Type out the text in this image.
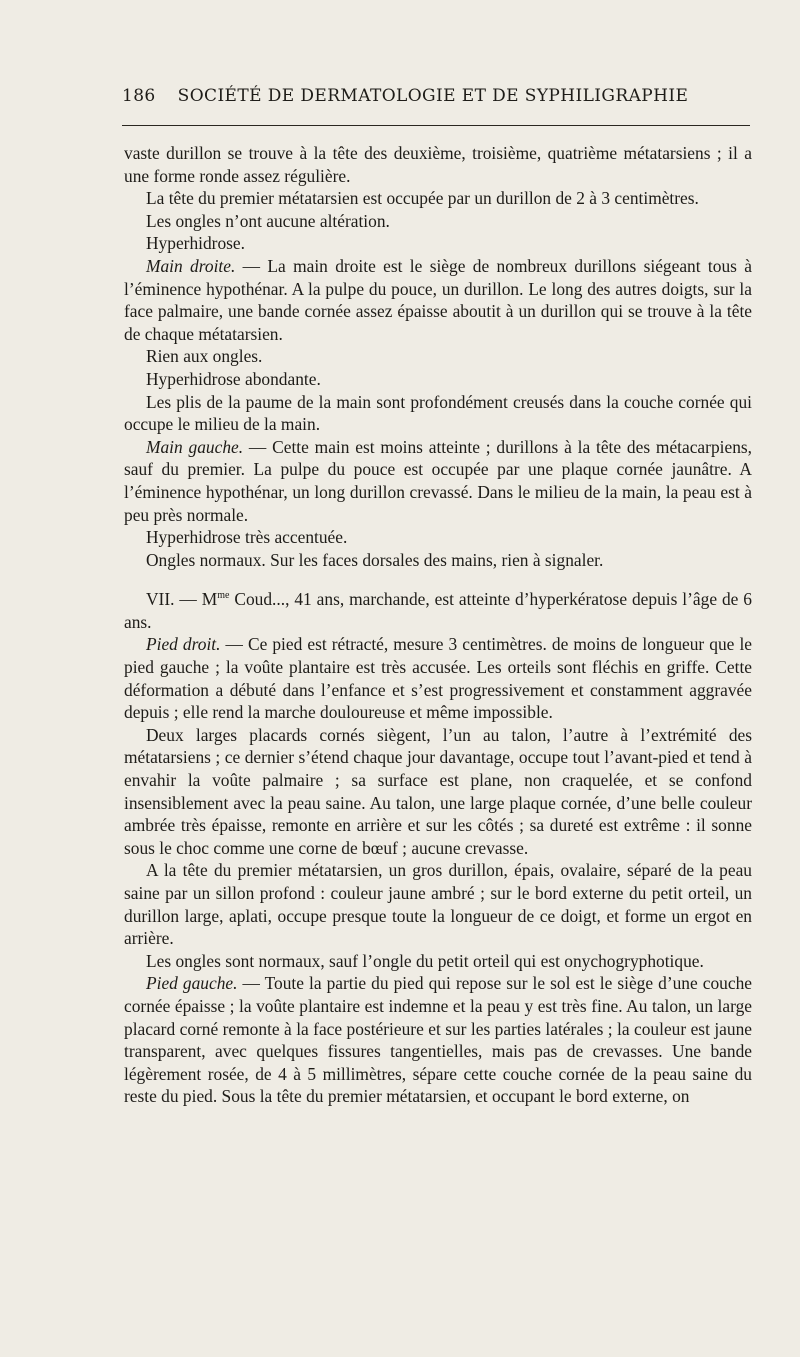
186 SOCIÉTÉ DE DERMATOLOGIE ET DE SYPHILIGRAPHIE

vaste durillon se trouve à la tête des deuxième, troisième, quatrième métatarsiens ; il a une forme ronde assez régulière.

La tête du premier métatarsien est occupée par un durillon de 2 à 3 centimètres.

Les ongles n’ont aucune altération.

Hyperhidrose.

Main droite. — La main droite est le siège de nombreux durillons siégeant tous à l’éminence hypothénar. A la pulpe du pouce, un durillon. Le long des autres doigts, sur la face palmaire, une bande cornée assez épaisse aboutit à un durillon qui se trouve à la tête de chaque métatarsien.

Rien aux ongles.

Hyperhidrose abondante.

Les plis de la paume de la main sont profondément creusés dans la couche cornée qui occupe le milieu de la main.

Main gauche. — Cette main est moins atteinte ; durillons à la tête des métacarpiens, sauf du premier. La pulpe du pouce est occupée par une plaque cornée jaunâtre. A l’éminence hypothénar, un long durillon crevassé. Dans le milieu de la main, la peau est à peu près normale.

Hyperhidrose très accentuée.

Ongles normaux. Sur les faces dorsales des mains, rien à signaler.

VII. — $M^{me}$ Coud..., 41 ans, marchande, est atteinte d’hyperkératose depuis l’âge de 6 ans.

Pied droit. — Ce pied est rétracté, mesure 3 centimètres. de moins de longueur que le pied gauche ; la voûte plantaire est très accusée. Les orteils sont fléchis en griffe. Cette déformation a débuté dans l’enfance et s’est progressivement et constamment aggravée depuis ; elle rend la marche douloureuse et même impossible.

Deux larges placards cornés siègent, l’un au talon, l’autre à l’extrémité des métatarsiens ; ce dernier s’étend chaque jour davantage, occupe tout l’avant-pied et tend à envahir la voûte palmaire ; sa surface est plane, non craquelée, et se confond insensiblement avec la peau saine. Au talon, une large plaque cornée, d’une belle couleur ambrée très épaisse, remonte en arrière et sur les côtés ; sa dureté est extrême : il sonne sous le choc comme une corne de bœuf ; aucune crevasse.

A la tête du premier métatarsien, un gros durillon, épais, ovalaire, séparé de la peau saine par un sillon profond : couleur jaune ambré ; sur le bord externe du petit orteil, un durillon large, aplati, occupe presque toute la longueur de ce doigt, et forme un ergot en arrière.

Les ongles sont normaux, sauf l’ongle du petit orteil qui est onychogryphotique.

Pied gauche. — Toute la partie du pied qui repose sur le sol est le siège d’une couche cornée épaisse ; la voûte plantaire est indemne et la peau y est très fine. Au talon, un large placard corné remonte à la face postérieure et sur les parties latérales ; la couleur est jaune transparent, avec quelques fissures tangentielles, mais pas de crevasses. Une bande légèrement rosée, de 4 à 5 millimètres, sépare cette couche cornée de la peau saine du reste du pied. Sous la tête du premier métatarsien, et occupant le bord externe, on
